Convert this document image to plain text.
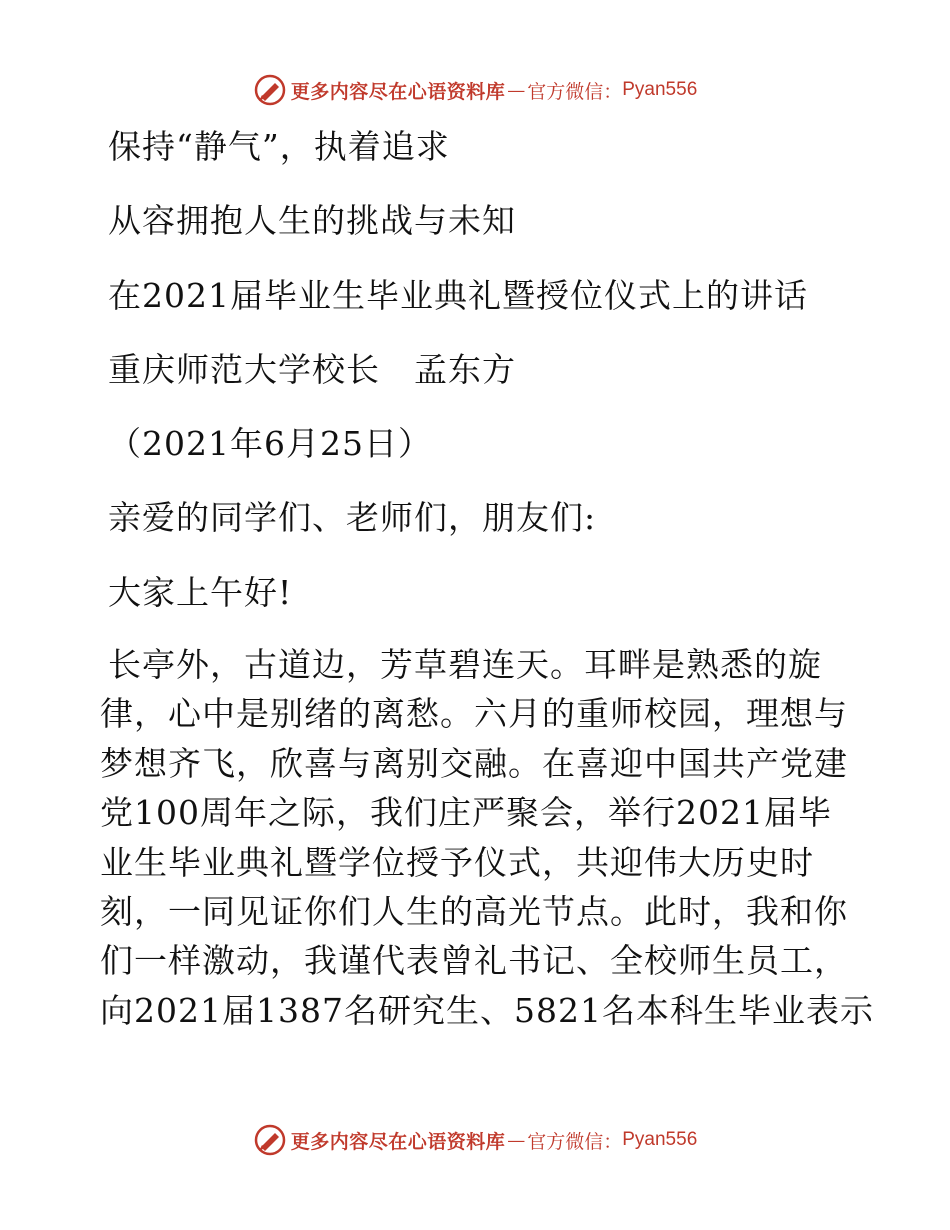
更多内容尽在心语资料库 — 官方微信： Pyan556
保持“静气”，执着追求
从容拥抱人生的挑战与未知
在2021届毕业生毕业典礼暨授位仪式上的讲话
重庆师范大学校长　孟东方
（2021年6月25日）
亲爱的同学们、老师们，朋友们:
大家上午好!
长亭外，古道边，芳草碧连天。耳畔是熟悉的旋
律，心中是别绪的离愁。六月的重师校园，理想与
梦想齐飞，欣喜与离别交融。在喜迎中国共产党建
党100周年之际，我们庄严聚会，举行2021届毕
业生毕业典礼暨学位授予仪式，共迎伟大历史时
刻，一同见证你们人生的高光节点。此时，我和你
们一样激动，我谨代表曾礼书记、全校师生员工，
向2021届1387名研究生、5821名本科生毕业表示
更多内容尽在心语资料库 — 官方微信： Pyan556
